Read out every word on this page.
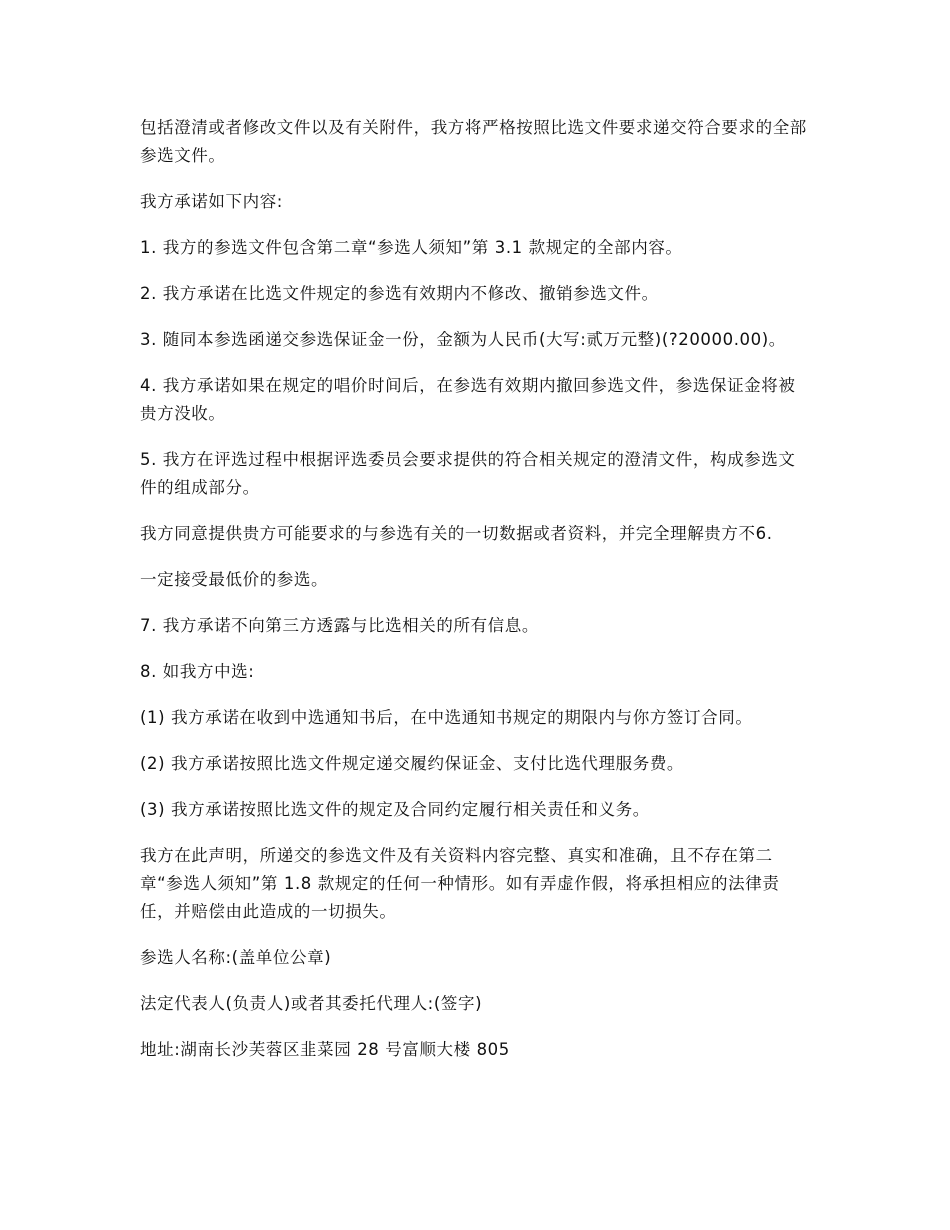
包括澄清或者修改文件以及有关附件，我方将严格按照比选文件要求递交符合要求的全部参选文件。

我方承诺如下内容:

1. 我方的参选文件包含第二章“参选人须知”第 3.1 款规定的全部内容。

2. 我方承诺在比选文件规定的参选有效期内不修改、撤销参选文件。

3. 随同本参选函递交参选保证金一份，金额为人民币(大写:贰万元整)(?20000.00)。

4. 我方承诺如果在规定的唱价时间后，在参选有效期内撤回参选文件，参选保证金将被贵方没收。

5. 我方在评选过程中根据评选委员会要求提供的符合相关规定的澄清文件，构成参选文件的组成部分。

我方同意提供贵方可能要求的与参选有关的一切数据或者资料，并完全理解贵方不6.

一定接受最低价的参选。

7. 我方承诺不向第三方透露与比选相关的所有信息。

8. 如我方中选:

(1) 我方承诺在收到中选通知书后，在中选通知书规定的期限内与你方签订合同。

(2) 我方承诺按照比选文件规定递交履约保证金、支付比选代理服务费。

(3) 我方承诺按照比选文件的规定及合同约定履行相关责任和义务。

我方在此声明，所递交的参选文件及有关资料内容完整、真实和准确，且不存在第二章“参选人须知”第 1.8 款规定的任何一种情形。如有弄虚作假，将承担相应的法律责任，并赔偿由此造成的一切损失。

参选人名称:(盖单位公章)

法定代表人(负责人)或者其委托代理人:(签字)

地址:湖南长沙芙蓉区韭菜园 28 号富顺大楼 805
